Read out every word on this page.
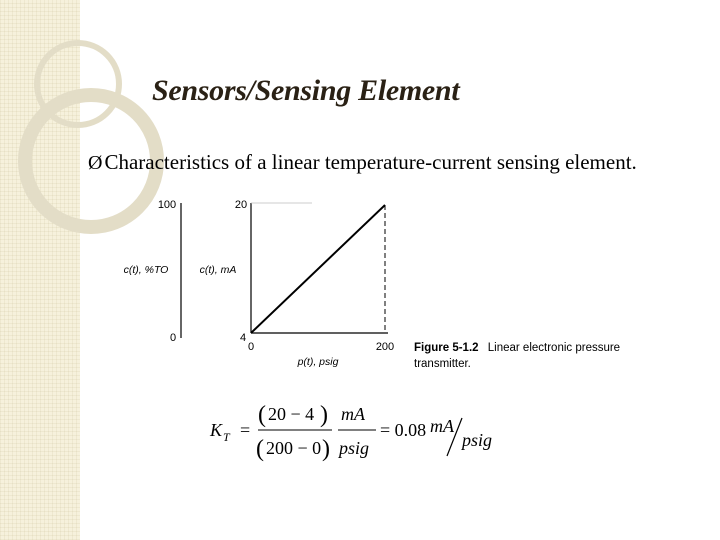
Sensors/Sensing Element
ØCharacteristics of a linear temperature-current sensing element.
100
0
c(t), %TO
20
4
c(t), mA
0	200
p(t), psig
Figure 5-1.2 Linear electronic pressure
transmitter.
K T =
( 20 − 4 )
( 200 − 0 )
mA
psig
= 0.08 mA
psig
